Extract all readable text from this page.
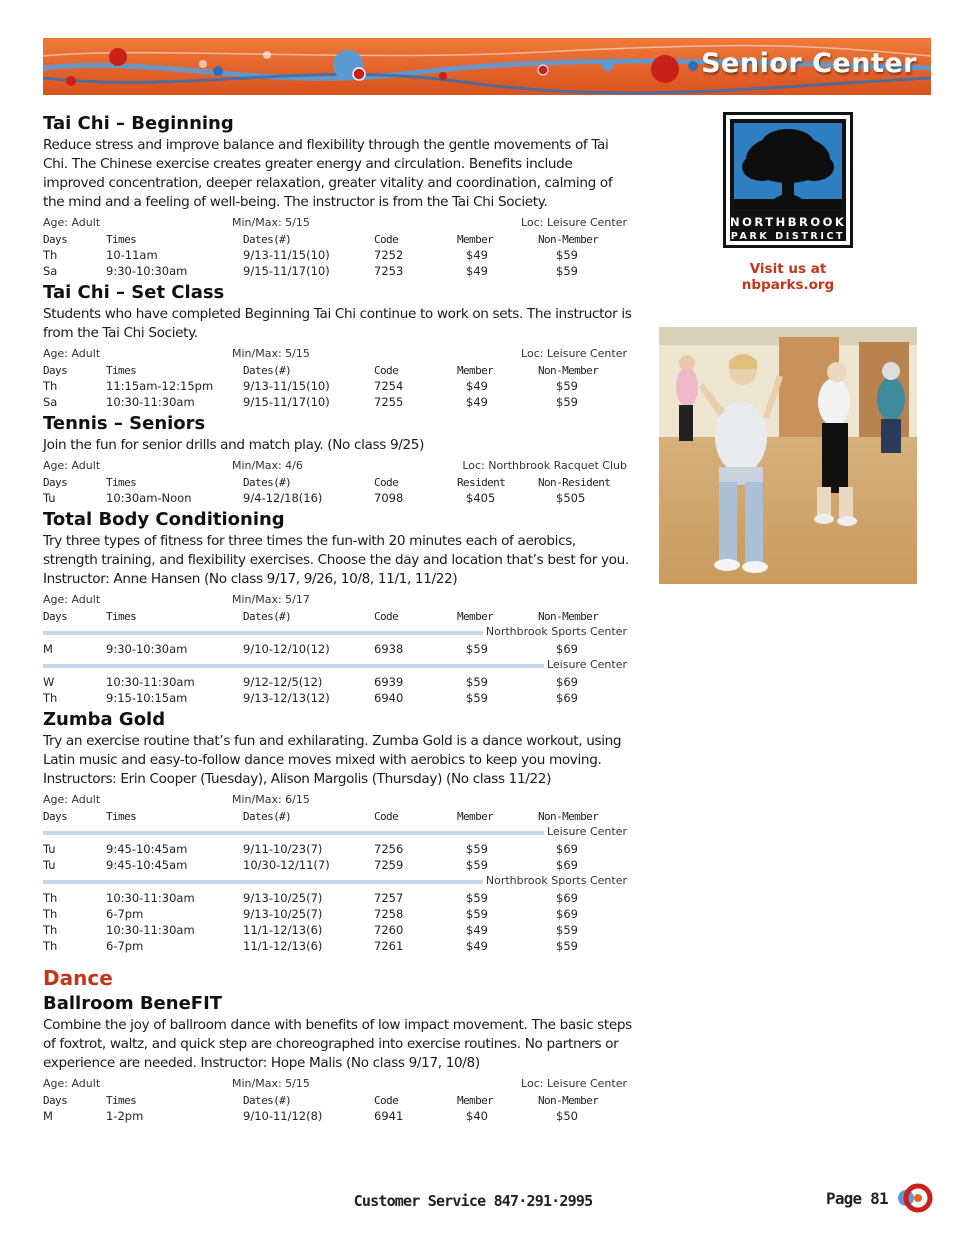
Senior Center
Tai Chi – Beginning
Reduce stress and improve balance and flexibility through the gentle movements of Tai Chi. The Chinese exercise creates greater energy and circulation. Benefits include improved concentration, deeper relaxation, greater vitality and coordination, calming of the mind and a feeling of well-being. The instructor is from the Tai Chi Society.
Age: Adult	Min/Max: 5/15	Loc: Leisure Center
Days	Times	Dates(#)	Code	Member	Non-Member
Th	10-11am	9/13-11/15(10)	7252	$49	$59
Sa	9:30-10:30am	9/15-11/17(10)	7253	$49	$59
Tai Chi – Set Class
Students who have completed Beginning Tai Chi continue to work on sets. The instructor is from the Tai Chi Society.
Age: Adult	Min/Max: 5/15	Loc: Leisure Center
Days	Times	Dates(#)	Code	Member	Non-Member
Th	11:15am-12:15pm	9/13-11/15(10)	7254	$49	$59
Sa	10:30-11:30am	9/15-11/17(10)	7255	$49	$59
Tennis – Seniors
Join the fun for senior drills and match play. (No class 9/25)
Age: Adult	Min/Max: 4/6	Loc: Northbrook Racquet Club
Days	Times	Dates(#)	Code	Resident	Non-Resident
Tu	10:30am-Noon	9/4-12/18(16)	7098	$405	$505
Total Body Conditioning
Try three types of fitness for three times the fun-with 20 minutes each of aerobics, strength training, and flexibility exercises. Choose the day and location that’s best for you. Instructor: Anne Hansen (No class 9/17, 9/26, 10/8, 11/1, 11/22)
Age: Adult	Min/Max: 5/17
Days	Times	Dates(#)	Code	Member	Non-Member

Northbrook Sports Center					

M	9:30-10:30am	9/10-12/10(12)	6938	$59	$69

Leisure Center					

W	10:30-11:30am	9/12-12/5(12)	6939	$59	$69
Th	9:15-10:15am	9/13-12/13(12)	6940	$59	$69
Zumba Gold
Try an exercise routine that’s fun and exhilarating. Zumba Gold is a dance workout, using Latin music and easy-to-follow dance moves mixed with aerobics to keep you moving. Instructors: Erin Cooper (Tuesday), Alison Margolis (Thursday) (No class 11/22)
Age: Adult	Min/Max: 6/15
Days	Times	Dates(#)	Code	Member	Non-Member

Leisure Center					

Tu	9:45-10:45am	9/11-10/23(7)	7256	$59	$69
Tu	9:45-10:45am	10/30-12/11(7)	7259	$59	$69

Northbrook Sports Center					

Th	10:30-11:30am	9/13-10/25(7)	7257	$59	$69
Th	6-7pm	9/13-10/25(7)	7258	$59	$69
Th	10:30-11:30am	11/1-12/13(6)	7260	$49	$59
Th	6-7pm	11/1-12/13(6)	7261	$49	$59
Dance
Ballroom BeneFIT
Combine the joy of ballroom dance with benefits of low impact movement. The basic steps of foxtrot, waltz, and quick step are choreographed into exercise routines. No partners or experience are needed. Instructor: Hope Malis (No class 9/17, 10/8)
Age: Adult	Min/Max: 5/15	Loc: Leisure Center
Days	Times	Dates(#)	Code	Member	Non-Member
M	1-2pm	9/10-11/12(8)	6941	$40	$50
NORTHBROOK
PARK DISTRICT
Visit us at nbparks.org
Customer Service 847·291·2995	Page 81
